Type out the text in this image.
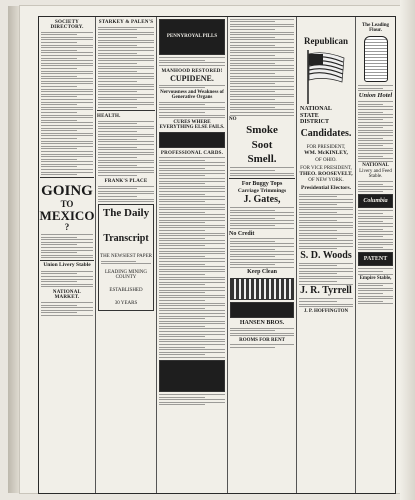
SOCIETY DIRECTORY.
GOING
TO
MEXICO
?
Union Livery Stable
NATIONAL MARKET.
STARKEY & PALEN'S
HEALTH.
FRANK'S PLACE
The Daily
Transcript
THE NEWSIEST PAPER
LEADING MINING COUNTY
ESTABLISHED
30 YEARS
PENNYROYAL PILLS
MANHOOD RESTORED!
CUPIDENE.
Nervousness and Weakness of Generative Organs
CURES WHERE EVERYTHING ELSE FAILS.
PROFESSIONAL CARDS.
NO
Smoke
Soot
Smell.
For Buggy Tops
Carriage Trimmings
J. Gates,
No Credit
Keep Clean
HANSEN BROS.
ROOMS FOR RENT
Republican
NATIONAL
STATE
DISTRICT
Candidates.
FOR PRESIDENT,
WM. McKINLEY,
OF OHIO.
FOR VICE PRESIDENT,
THEO. ROOSEVELT,
OF NEW YORK.
Presidential Electors.
S. D. Woods
J. R. Tyrrell
J. P. HOFFINGTON
The Leading Flour.
Union Hotel
NATIONAL
Livery and Feed Stable.
Columbia
PATENT
Empire Stable,
